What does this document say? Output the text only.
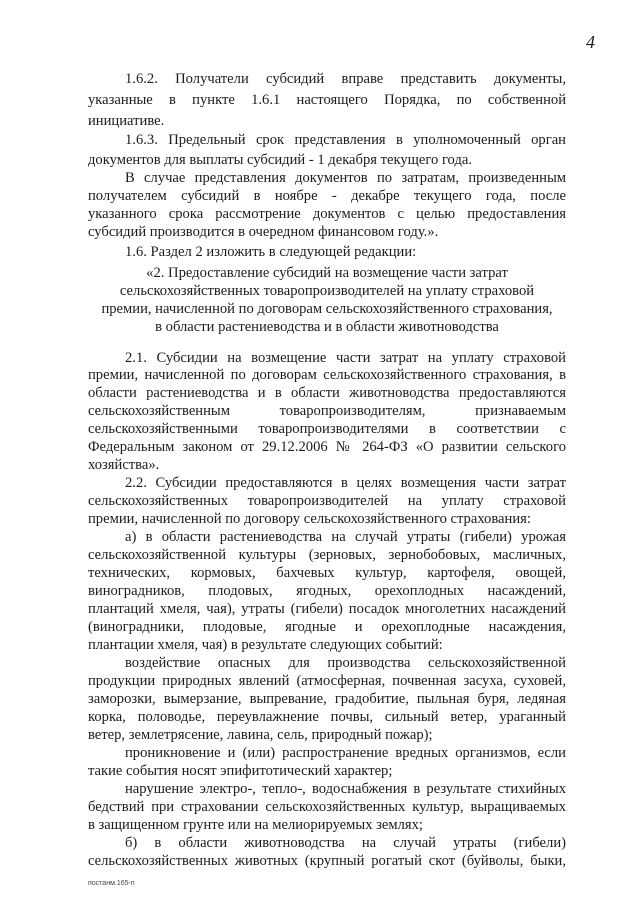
4
1.6.2. Получатели субсидий вправе представить документы,
указанные в пункте 1.6.1 настоящего Порядка, по собственной
инициативе.
1.6.3. Предельный срок представления в уполномоченный орган
документов для выплаты субсидий - 1 декабря текущего года.
В случае представления документов по затратам, произведенным
получателем субсидий в ноябре - декабре текущего года, после
указанного срока рассмотрение документов с целью предоставления
субсидий производится в очередном финансовом году.».
1.6. Раздел 2 изложить в следующей редакции:
«2. Предоставление субсидий на возмещение части затрат
сельскохозяйственных товаропроизводителей на уплату страховой
премии, начисленной по договорам сельскохозяйственного страхования,
в области растениеводства и в области животноводства
2.1. Субсидии на возмещение части затрат на уплату страховой
премии, начисленной по договорам сельскохозяйственного страхования, в
области растениеводства и в области животноводства предоставляются
сельскохозяйственным товаропроизводителям, признаваемым
сельскохозяйственными товаропроизводителями в соответствии с
Федеральным законом от 29.12.2006 № 264-ФЗ «О развитии сельского
хозяйства».
2.2. Субсидии предоставляются в целях возмещения части затрат
сельскохозяйственных товаропроизводителей на уплату страховой
премии, начисленной по договору сельскохозяйственного страхования:
а) в области растениеводства на случай утраты (гибели) урожая
сельскохозяйственной культуры (зерновых, зернобобовых, масличных,
технических, кормовых, бахчевых культур, картофеля, овощей,
виноградников, плодовых, ягодных, орехоплодных насаждений,
плантаций хмеля, чая), утраты (гибели) посадок многолетних насаждений
(виноградники, плодовые, ягодные и орехоплодные насаждения,
плантации хмеля, чая) в результате следующих событий:
воздействие опасных для производства сельскохозяйственной
продукции природных явлений (атмосферная, почвенная засуха, суховей,
заморозки, вымерзание, выпревание, градобитие, пыльная буря, ледяная
корка, половодье, переувлажнение почвы, сильный ветер, ураганный
ветер, землетрясение, лавина, сель, природный пожар);
проникновение и (или) распространение вредных организмов, если
такие события носят эпифитотический характер;
нарушение электро-, тепло-, водоснабжения в результате стихийных
бедствий при страховании сельскохозяйственных культур, выращиваемых
в защищенном грунте или на мелиорируемых землях;
б) в области животноводства на случай утраты (гибели)
сельскохозяйственных животных (крупный рогатый скот (буйволы, быки,
постанм.165-п
